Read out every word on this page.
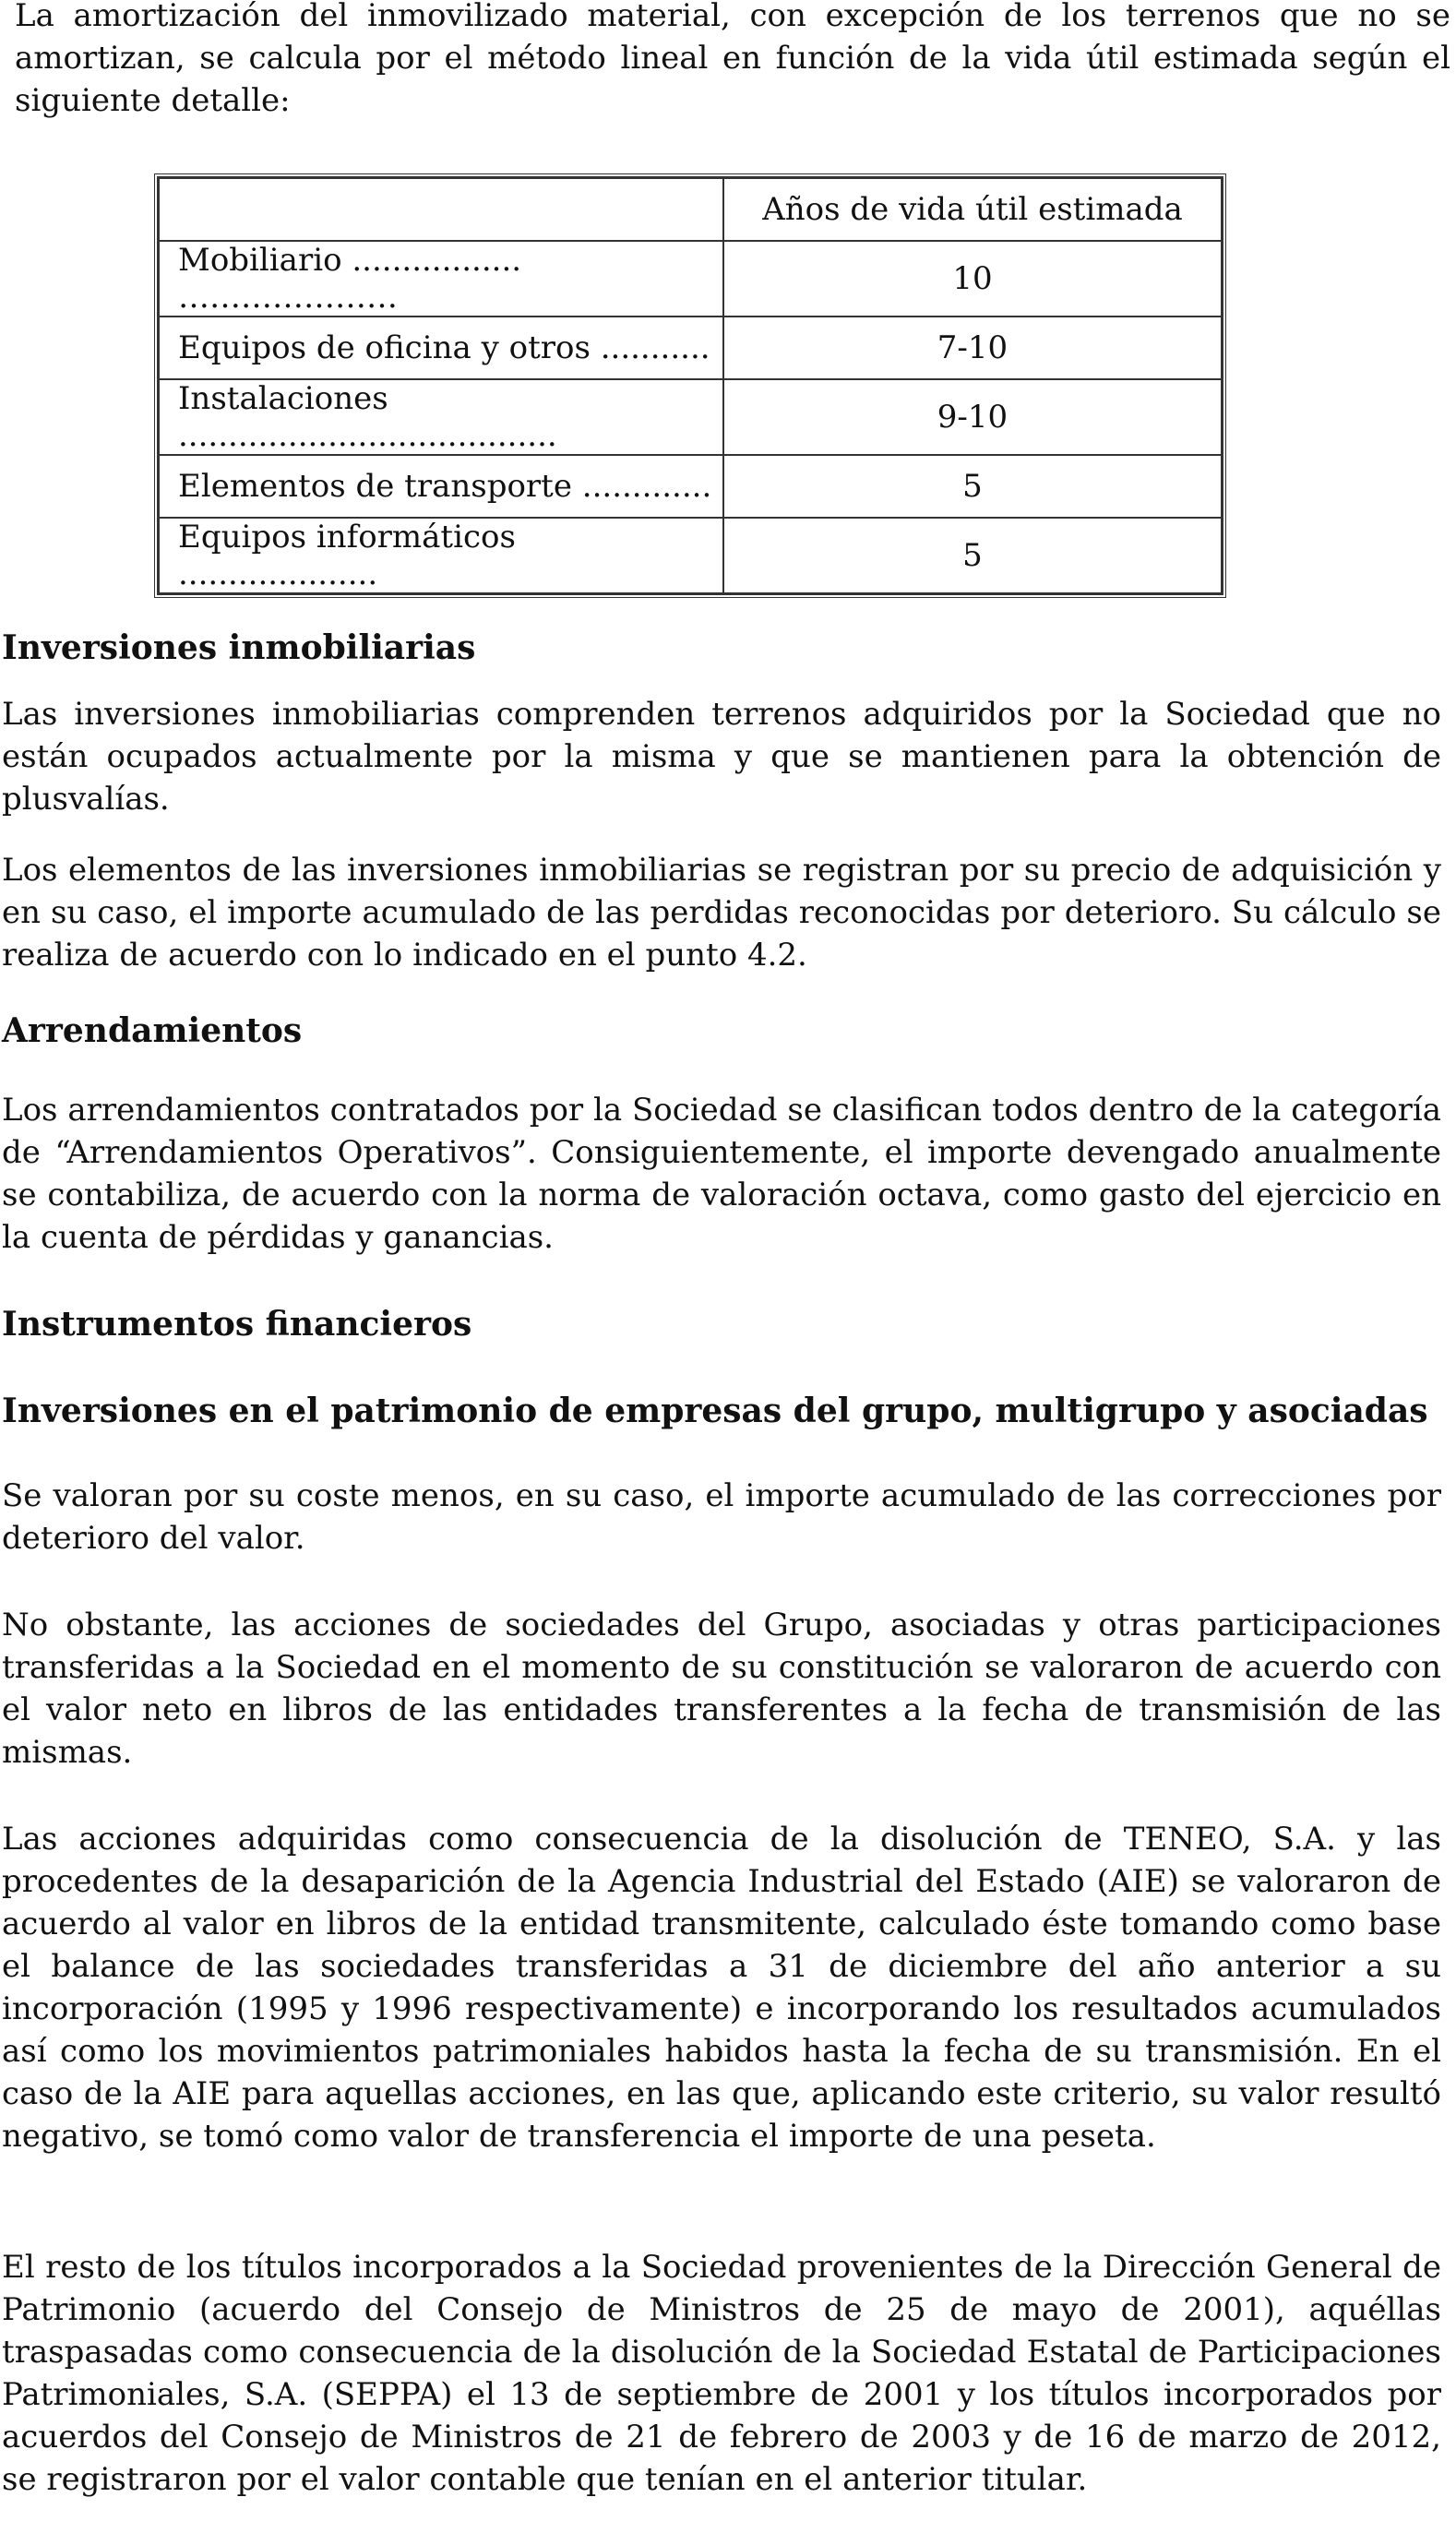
La amortización del inmovilizado material, con excepción de los terrenos que no se amortizan, se calcula por el método lineal en función de la vida útil estimada según el siguiente detalle:

	Años de vida útil estimada
Mobiliario ................. …………………	10
Equipos de oficina y otros ...........	7-10
Instalaciones ......................................	9-10
Elementos de transporte .............	5
Equipos informáticos ....................	5
Inversiones inmobiliarias

Las inversiones inmobiliarias comprenden terrenos adquiridos por la Sociedad que no están ocupados actualmente por la misma y que se mantienen para la obtención de plusvalías.

Los elementos de las inversiones inmobiliarias se registran por su precio de adquisición y en su caso, el importe acumulado de las perdidas reconocidas por deterioro. Su cálculo se realiza de acuerdo con lo indicado en el punto 4.2.

Arrendamientos

Los arrendamientos contratados por la Sociedad se clasifican todos dentro de la categoría de “Arrendamientos Operativos”. Consiguientemente, el importe devengado anualmente se contabiliza, de acuerdo con la norma de valoración octava, como gasto del ejercicio en la cuenta de pérdidas y ganancias.

Instrumentos financieros
Inversiones en el patrimonio de empresas del grupo, multigrupo y asociadas

Se valoran por su coste menos, en su caso, el importe acumulado de las correcciones por deterioro del valor.

No obstante, las acciones de sociedades del Grupo, asociadas y otras participaciones transferidas a la Sociedad en el momento de su constitución se valoraron de acuerdo con el valor neto en libros de las entidades transferentes a la fecha de transmisión de las mismas.

Las acciones adquiridas como consecuencia de la disolución de TENEO, S.A. y las procedentes de la desaparición de la Agencia Industrial del Estado (AIE) se valoraron de acuerdo al valor en libros de la entidad transmitente, calculado éste tomando como base el balance de las sociedades transferidas a 31 de diciembre del año anterior a su incorporación (1995 y 1996 respectivamente) e incorporando los resultados acumulados así como los movimientos patrimoniales habidos hasta la fecha de su transmisión. En el caso de la AIE para aquellas acciones, en las que, aplicando este criterio, su valor resultó negativo, se tomó como valor de transferencia el importe de una peseta.

El resto de los títulos incorporados a la Sociedad provenientes de la Dirección General de Patrimonio (acuerdo del Consejo de Ministros de 25 de mayo de 2001), aquéllas traspasadas como consecuencia de la disolución de la Sociedad Estatal de Participaciones Patrimoniales, S.A. (SEPPA) el 13 de septiembre de 2001 y los títulos incorporados por acuerdos del Consejo de Ministros de 21 de febrero de 2003 y de 16 de marzo de 2012, se registraron por el valor contable que tenían en el anterior titular.
